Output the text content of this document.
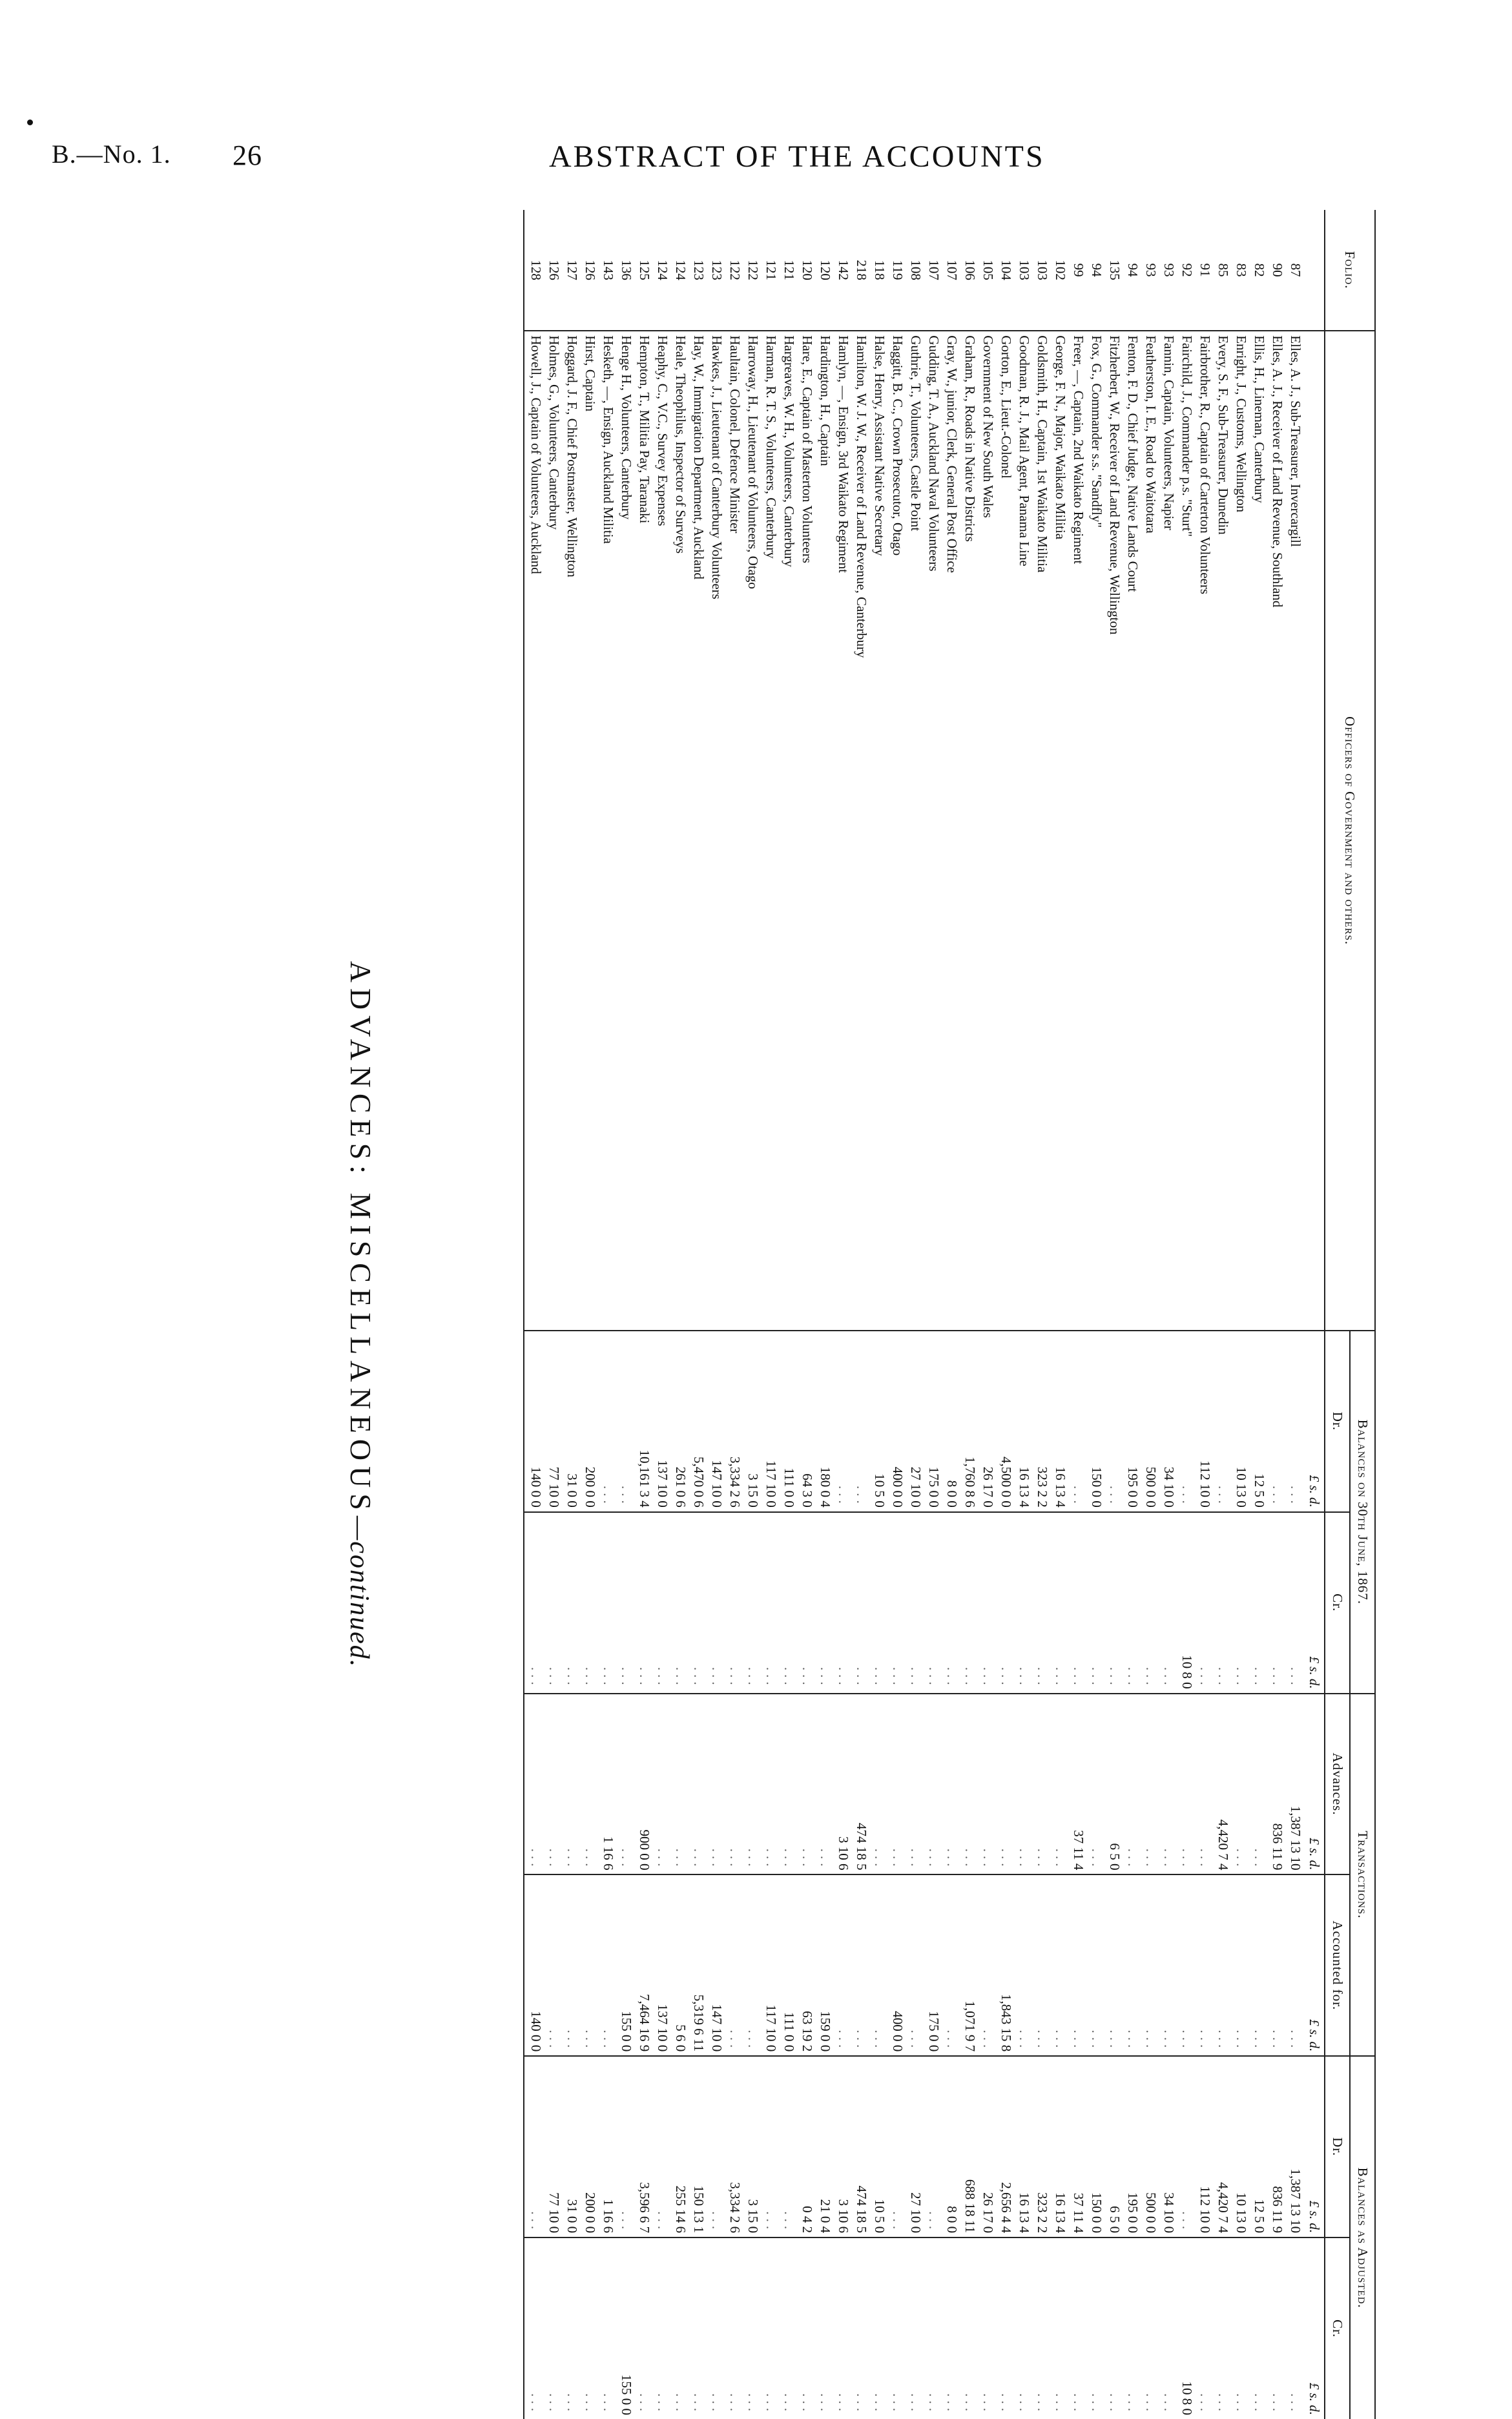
B.—No. 1. 26	ABSTRACT OF THE ACCOUNTS
Folio.	Officers of Government and others.	Balances on 30th June, 1867.		Transactions.		Balances as Adjusted.	
		Dr.	Cr.	Advances.	Accounted for.	Dr.	Cr.
		£ s. d.	£ s. d.	£ s. d.	£ s. d.	£ s. d.	£ s. d.
87	Elles, A. J., Sub-Treasurer, Invercargill	...	...	1,387 13 10	...	1,387 13 10	...
90	Elles, A. J., Receiver of Land Revenue, Southland	...	...	836 11 9	...	836 11 9	...
82	Ellis, H., Lineman, Canterbury	12 5 0	...	...	...	12 5 0	...
83	Enright, J., Customs, Wellington	10 13 0	...	...	...	10 13 0	...
85	Every, S. F., Sub-Treasurer, Dunedin	...	...	4,420 7 4	...	4,420 7 4	...
91	Fairbrother, R., Captain of Carterton Volunteers	112 10 0	...	...	...	112 10 0	...
92	Fairchild, J., Commander p.s. "Sturt"	...	10 8 0	...	...	...	10 8 0
93	Fannin, Captain, Volunteers, Napier	34 10 0	...	...	...	34 10 0	...
93	Featherston, I. E., Road to Waitotara	500 0 0	...	...	...	500 0 0	...
94	Fenton, F. D., Chief Judge, Native Lands Court	195 0 0	...	...	...	195 0 0	...
135	Fitzherbert, W., Receiver of Land Revenue, Wellington	...	...	6 5 0	...	6 5 0	...
94	Fox, G., Commander s.s. "Sandfly"	150 0 0	...	...	...	150 0 0	...
99	Freer, —, Captain, 2nd Waikato Regiment	...	...	37 11 4	...	37 11 4	...
102	George, F. N., Major, Waikato Militia	16 13 4	...	...	...	16 13 4	...
103	Goldsmith, H., Captain, 1st Waikato Militia	323 2 2	...	...	...	323 2 2	...
103	Goodman, R. J., Mail Agent, Panama Line	16 13 4	...	...	...	16 13 4	...
104	Gorton, E., Lieut.-Colonel	4,500 0 0	...	...	1,843 15 8	2,656 4 4	...
105	Government of New South Wales	26 17 0	...	...	...	26 17 0	...
106	Graham, R., Roads in Native Districts	1,760 8 6	...	...	1,071 9 7	688 18 11	...
107	Gray, W., junior, Clerk, General Post Office	8 0 0	...	...	...	8 0 0	...
107	Gudding, T. A., Auckland Naval Volunteers	175 0 0	...	...	175 0 0	...	...
108	Guthrie, T., Volunteers, Castle Point	27 10 0	...	...	...	27 10 0	...
119	Haggitt, B. C., Crown Prosecutor, Otago	400 0 0	...	...	400 0 0	...	...
118	Halse, Henry, Assistant Native Secretary	10 5 0	...	...	...	10 5 0	...
218	Hamilton, W. J. W., Receiver of Land Revenue, Canterbury	...	...	474 18 5	...	474 18 5	...
142	Hamlyn, —, Ensign, 3rd Waikato Regiment	...	...	3 10 6	...	3 10 6	...
120	Hardington, H., Captain	180 0 4	...	...	159 0 0	21 0 4	...
120	Hare, E., Captain of Masterton Volunteers	64 3 0	...	...	63 19 2	0 4 2	...
121	Hargreaves, W. H., Volunteers, Canterbury	111 0 0	...	...	111 0 0	...	...
121	Harman, R. T. S., Volunteers, Canterbury	117 10 0	...	...	117 10 0	...	...
122	Harroway, H., Lieutenant of Volunteers, Otago	3 15 0	...	...	...	3 15 0	...
122	Haultain, Colonel, Defence Minister	3,334 2 6	...	...	...	3,334 2 6	...
123	Hawkes, J., Lieutenant of Canterbury Volunteers	147 10 0	...	...	147 10 0	...	...
123	Hay, W., Immigration Department, Auckland	5,470 0 6	...	...	5,319 6 11	150 13 1	...
124	Heale, Theophilus, Inspector of Surveys	261 0 6	...	...	5 6 0	255 14 6	...
124	Heaphy, C., V.C., Survey Expenses	137 10 0	...	...	137 10 0	...	...
125	Hempton, T., Militia Pay, Taranaki	10,161 3 4	...	900 0 0	7,464 16 9	3,596 6 7	...
136	Henge H., Volunteers, Canterbury	...	...	...	155 0 0	...	155 0 0
143	Hesketh, —, Ensign, Auckland Militia	...	...	1 16 6	...	1 16 6	...
126	Hirst, Captain	200 0 0	...	...	...	200 0 0	...
127	Hoggard, J. F., Chief Postmaster, Wellington	31 0 0	...	...	...	31 0 0	...
126	Holmes, G., Volunteers, Canterbury	77 10 0	...	...	...	77 10 0	...
128	Howell, J., Captain of Volunteers, Auckland	140 0 0	...	...	140 0 0	...	...
ADVANCES: MISCELLANEOUS—continued.
